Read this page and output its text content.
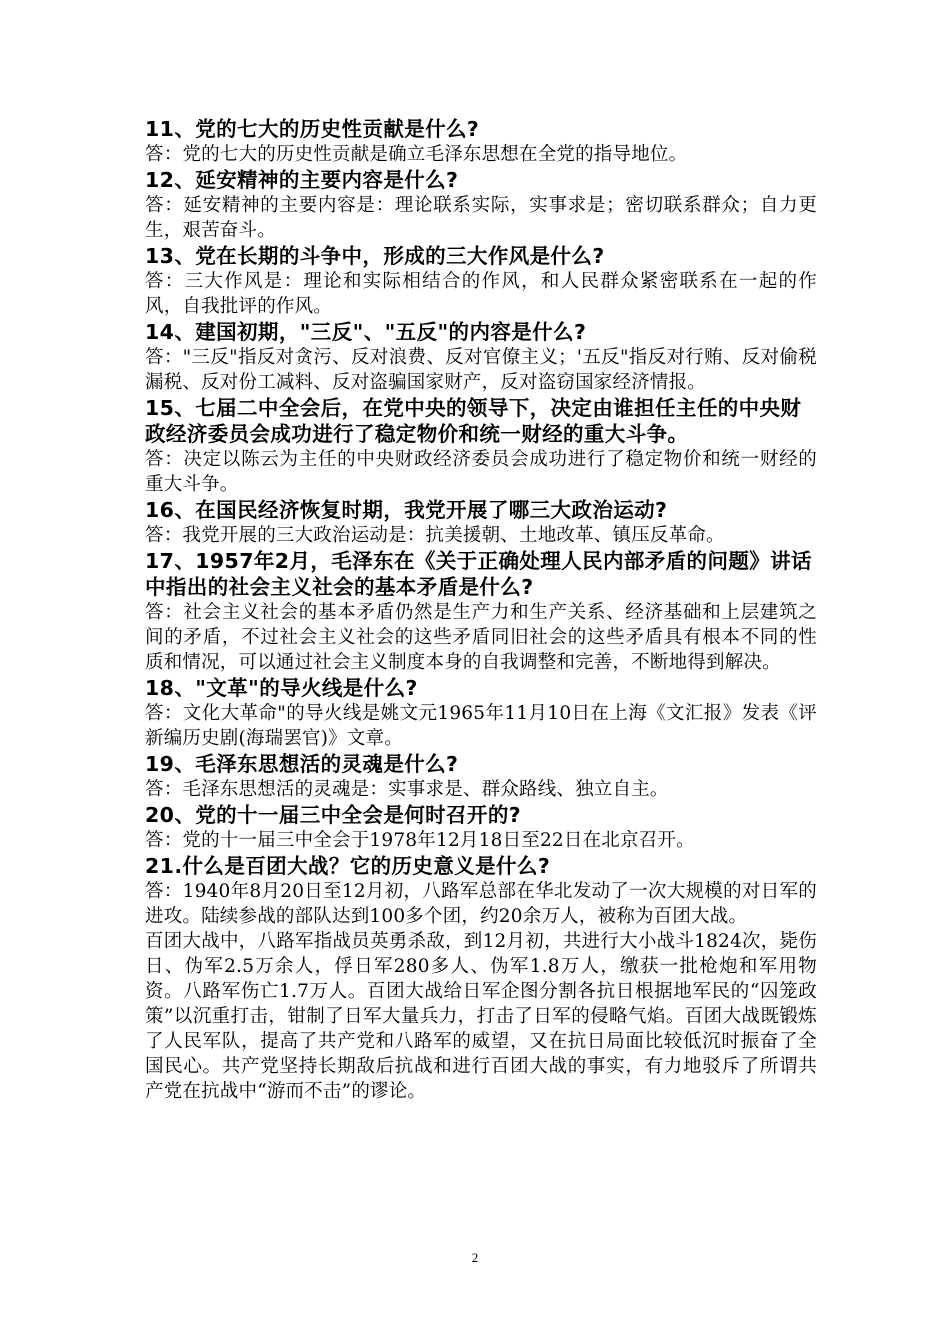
11、党的七大的历史性贡献是什么?

答：党的七大的历史性贡献是确立毛泽东思想在全党的指导地位。

12、延安精神的主要内容是什么?

答：延安精神的主要内容是：理论联系实际，实事求是；密切联系群众；自力更生，艰苦奋斗。

13、党在长期的斗争中，形成的三大作风是什么?

答：三大作风是：理论和实际相结合的作风，和人民群众紧密联系在一起的作风，自我批评的作风。

14、建国初期，"三反"、"五反"的内容是什么?

答："三反"指反对贪污、反对浪费、反对官僚主义；'五反"指反对行贿、反对偷税漏税、反对份工减料、反对盗骗国家财产，反对盗窃国家经济情报。

15、七届二中全会后，在党中央的领导下，决定由谁担任主任的中央财政经济委员会成功进行了稳定物价和统一财经的重大斗争。

答：决定以陈云为主任的中央财政经济委员会成功进行了稳定物价和统一财经的重大斗争。

16、在国民经济恢复时期，我党开展了哪三大政治运动?

答：我党开展的三大政治运动是：抗美援朝、土地改革、镇压反革命。

17、1957年2月，毛泽东在《关于正确处理人民内部矛盾的问题》讲话中指出的社会主义社会的基本矛盾是什么?

答：社会主义社会的基本矛盾仍然是生产力和生产关系、经济基础和上层建筑之间的矛盾，不过社会主义社会的这些矛盾同旧社会的这些矛盾具有根本不同的性质和情况，可以通过社会主义制度本身的自我调整和完善，不断地得到解决。

18、"文革"的导火线是什么?

答：文化大革命"的导火线是姚文元1965年11月10日在上海《文汇报》发表《评新编历史剧(海瑞罢官)》文章。

19、毛泽东思想活的灵魂是什么?

答：毛泽东思想活的灵魂是：实事求是、群众路线、独立自主。

20、党的十一届三中全会是何时召开的?

答：党的十一届三中全会于1978年12月18日至22日在北京召开。

21.什么是百团大战？它的历史意义是什么?

答：1940年8月20日至12月初，八路军总部在华北发动了一次大规模的对日军的进攻。陆续参战的部队达到100多个团，约20余万人，被称为百团大战。

百团大战中，八路军指战员英勇杀敌，到12月初，共进行大小战斗1824次，毙伤日、伪军2.5万余人，俘日军280多人、伪军1.8万人，缴获一批枪炮和军用物资。八路军伤亡1.7万人。百团大战给日军企图分割各抗日根据地军民的“囚笼政策”以沉重打击，钳制了日军大量兵力，打击了日军的侵略气焰。百团大战既锻炼了人民军队，提高了共产党和八路军的威望，又在抗日局面比较低沉时振奋了全国民心。共产党坚持长期敌后抗战和进行百团大战的事实，有力地驳斥了所谓共产党在抗战中“游而不击”的谬论。

2
